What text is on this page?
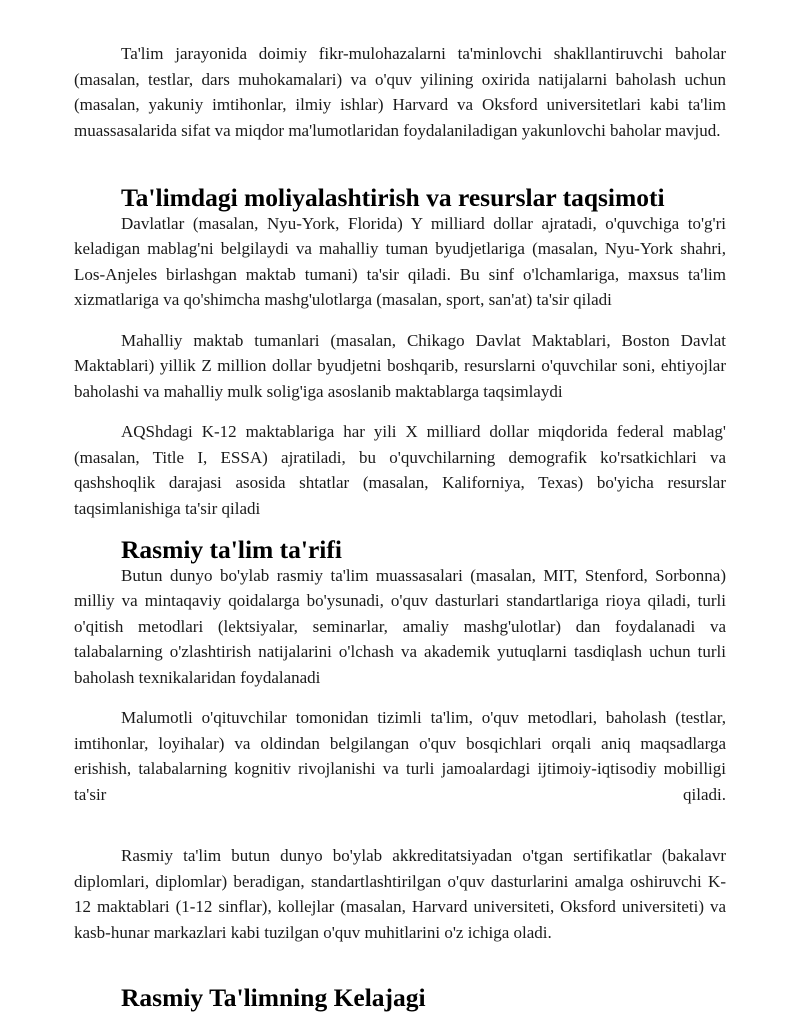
Ta'lim jarayonida doimiy fikr-mulohazalarni ta'minlovchi shakllantiruvchi baholar (masalan, testlar, dars muhokamalari) va o'quv yilining oxirida natijalarni baholash uchun (masalan, yakuniy imtihonlar, ilmiy ishlar) Harvard va Oksford universitetlari kabi ta'lim muassasalarida sifat va miqdor ma'lumotlaridan foydalaniladigan yakunlovchi baholar mavjud.

Ta'limdagi moliyalashtirish va resurslar taqsimoti

Davlatlar (masalan, Nyu-York, Florida) Y milliard dollar ajratadi, o'quvchiga to'g'ri keladigan mablag'ni belgilaydi va mahalliy tuman byudjetlariga (masalan, Nyu-York shahri, Los-Anjeles birlashgan maktab tumani) ta'sir qiladi. Bu sinf o'lchamlariga, maxsus ta'lim xizmatlariga va qo'shimcha mashg'ulotlarga (masalan, sport, san'at) ta'sir qiladi

Mahalliy maktab tumanlari (masalan, Chikago Davlat Maktablari, Boston Davlat Maktablari) yillik Z million dollar byudjetni boshqarib, resurslarni o'quvchilar soni, ehtiyojlar baholashi va mahalliy mulk solig'iga asoslanib maktablarga taqsimlaydi

AQShdagi K-12 maktablariga har yili X milliard dollar miqdorida federal mablag' (masalan, Title I, ESSA) ajratiladi, bu o'quvchilarning demografik ko'rsatkichlari va qashshoqlik darajasi asosida shtatlar (masalan, Kaliforniya, Texas) bo'yicha resurslar taqsimlanishiga ta'sir qiladi

Rasmiy ta'lim ta'rifi

Butun dunyo bo'ylab rasmiy ta'lim muassasalari (masalan, MIT, Stenford, Sorbonna) milliy va mintaqaviy qoidalarga bo'ysunadi, o'quv dasturlari standartlariga rioya qiladi, turli o'qitish metodlari (lektsiyalar, seminarlar, amaliy mashg'ulotlar) dan foydalanadi va talabalarning o'zlashtirish natijalarini o'lchash va akademik yutuqlarni tasdiqlash uchun turli baholash texnikalaridan foydalanadi

Malumotli o'qituvchilar tomonidan tizimli ta'lim, o'quv metodlari, baholash (testlar, imtihonlar, loyihalar) va oldindan belgilangan o'quv bosqichlari orqali aniq maqsadlarga erishish, talabalarning kognitiv rivojlanishi va turli jamoalardagi ijtimoiy-iqtisodiy mobilligi ta'sir qiladi.

Rasmiy ta'lim butun dunyo bo'ylab akkreditatsiyadan o'tgan sertifikatlar (bakalavr diplomlari, diplomlar) beradigan, standartlashtirilgan o'quv dasturlarini amalga oshiruvchi K-12 maktablari (1-12 sinflar), kollejlar (masalan, Harvard universiteti, Oksford universiteti) va kasb-hunar markazlari kabi tuzilgan o'quv muhitlarini o'z ichiga oladi.

Rasmiy Ta'limning Kelajagi
